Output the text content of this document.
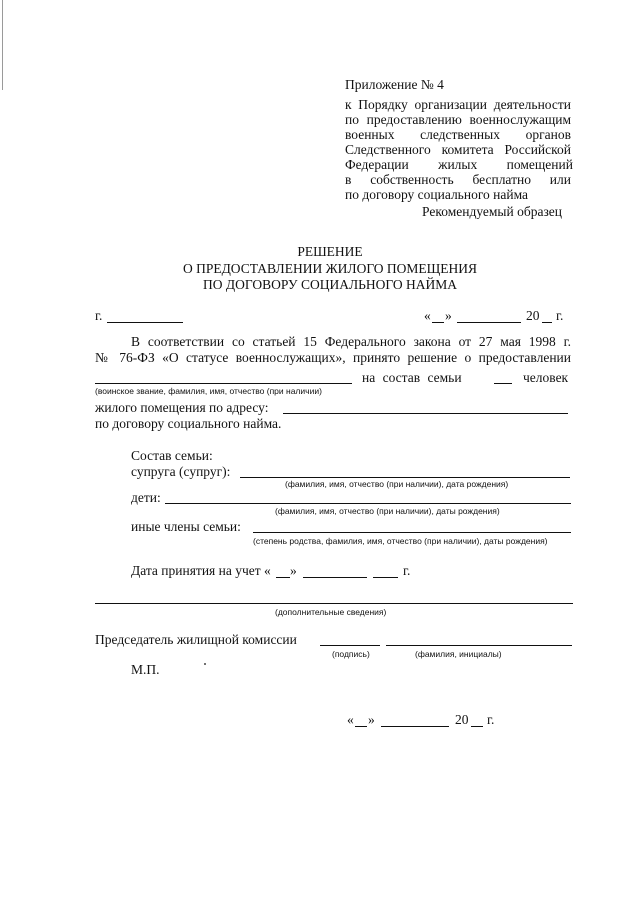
Приложение № 4
к Порядку организации деятельности
по предоставлению военнослужащим
военных следственных органов
Следственного комитета Российской
Федерации жилых помещений
в собственность бесплатно или
по договору социального найма
Рекомендуемый образец
РЕШЕНИЕ
О ПРЕДОСТАВЛЕНИИ ЖИЛОГО ПОМЕЩЕНИЯ
ПО ДОГОВОРУ СОЦИАЛЬНОГО НАЙМА
г.	« »	20 г.
В соответствии со статьей 15 Федерального закона от 27 мая 1998 г.
№ 76-ФЗ «О статусе военнослужащих», принято решение о предоставлении
на состав семьи	человек
(воинское звание, фамилия, имя, отчество (при наличии)
жилого помещения по адресу:
по договору социального найма.
Состав семьи:
супруга (супруг):
(фамилия, имя, отчество (при наличии), дата рождения)
дети:
(фамилия, имя, отчество (при наличии), даты рождения)
иные члены семьи:
(степень родства, фамилия, имя, отчество (при наличии), даты рождения)
Дата принятия на учет « »	г.
(дополнительные сведения)
Председатель жилищной комиссии
(подпись)	(фамилия, инициалы)
М.П.
« »	20 г.
